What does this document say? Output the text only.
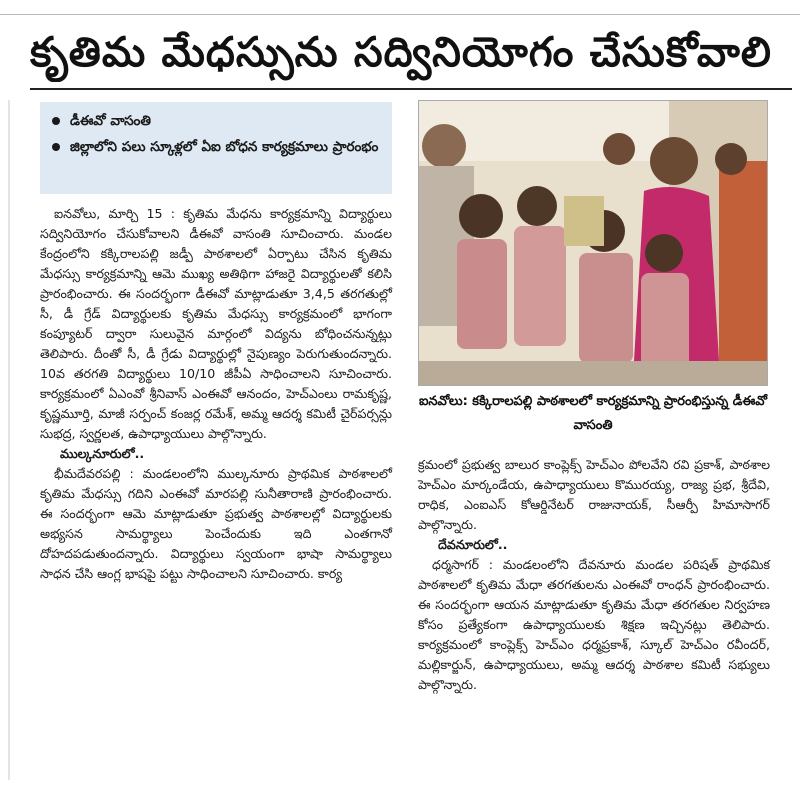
కృతిమ మేధస్సును సద్వినియోగం చేసుకోవాలి
డీఈవో వాసంతి
జిల్లాలోని పలు స్కూళ్లలో ఏఐ బోధన కార్యక్రమాలు ప్రారంభం

ఐనవోలు, మార్చి 15 : కృతిమ మేధను కార్యక్రమాన్ని విద్యార్థులు సద్వినియోగం చేసుకోవాలని డీఈవో వాసంతి సూచించారు. మండల కేంద్రంలోని కక్కిరాలపల్లి జడ్పీ పాఠశాలలో ఏర్పాటు చేసిన కృతిమ మేధస్సు కార్యక్రమాన్ని ఆమె ముఖ్య అతిథిగా హాజరై విద్యార్థులతో కలిసి ప్రారంభించారు. ఈ సందర్భంగా డీఈవో మాట్లాడుతూ 3,4,5 తరగతుల్లో సీ, డీ గ్రేడ్ విద్యార్థులకు కృతిమ మేధస్సు కార్యక్రమంలో భాగంగా కంప్యూటర్ ద్వారా సులువైన మార్గంలో విద్యను బోధించనున్నట్లు తెలిపారు. దీంతో సీ, డీ గ్రేడు విద్యార్థుల్లో నైపుణ్యం పెరుగుతుందన్నారు. 10వ తరగతి విద్యార్థులు 10/10 జీపీఏ సాధించాలని సూచించారు. కార్యక్రమంలో ఏఎంవో శ్రీనివాస్ ఎంఈవో ఆనందం, హెచ్ఎంలు రామకృష్ణ, కృష్ణమూర్తి, మాజీ సర్పంచ్ కంజర్ల రమేశ్, అమ్మ ఆదర్శ కమిటీ చైర్‌పర్సన్లు సుభద్ర, స్వర్ణలత, ఉపాధ్యాయులు పాల్గొన్నారు.

ముల్కనూరులో..

భీమదేవరపల్లి : మండలంలోని ముల్కనూరు ప్రాథమిక పాఠశాలలో కృతిమ మేధస్సు గదిని ఎంఈవో మారపల్లి సునీతారాణి ప్రారంభించారు. ఈ సందర్భంగా ఆమె మాట్లాడుతూ ప్రభుత్వ పాఠశాలల్లో విద్యార్థులకు అభ్యసన సామర్థ్యాలు పెంచేందుకు ఇది ఎంతగానో దోహదపడుతుందన్నారు. విద్యార్థులు స్వయంగా భాషా సామర్థ్యాలు సాధన చేసి ఆంగ్ల భాషపై పట్టు సాధించాలని సూచించారు. కార్య

ఐనవోలు: కక్కిరాలపల్లి పాఠశాలలో కార్యక్రమాన్ని ప్రారంభిస్తున్న డీఈవో వాసంతి

క్రమంలో ప్రభుత్వ బాలుర కాంప్లెక్స్ హెచ్ఎం పోలవేని రవి ప్రకాశ్, పాఠశాల హెచ్ఎం మార్కండేయ, ఉపాధ్యాయులు కొమురయ్య, రాజ్య ప్రభ, శ్రీదేవి, రాధిక, ఎంఐఎస్ కోఆర్డినేటర్ రాజునాయక్, సీఆర్పీ హిమాసాగర్ పాల్గొన్నారు.

దేవనూరులో..

ధర్మసాగర్ : మండలంలోని దేవనూరు మండల పరిషత్ ప్రాథమిక పాఠశాలలో కృతిమ మేధా తరగతులను ఎంఈవో రాంధన్ ప్రారంభించారు. ఈ సందర్భంగా ఆయన మాట్లాడుతూ కృతిమ మేధా తరగతుల నిర్వహణ కోసం ప్రత్యేకంగా ఉపాధ్యాయులకు శిక్షణ ఇచ్చినట్లు తెలిపారు. కార్యక్రమంలో కాంప్లెక్స్ హెచ్ఎం ధర్మప్రకాశ్, స్కూల్ హెచ్ఎం రవీందర్, మల్లికార్జున్, ఉపాధ్యాయులు, అమ్మ ఆదర్శ పాఠశాల కమిటీ సభ్యులు పాల్గొన్నారు.
